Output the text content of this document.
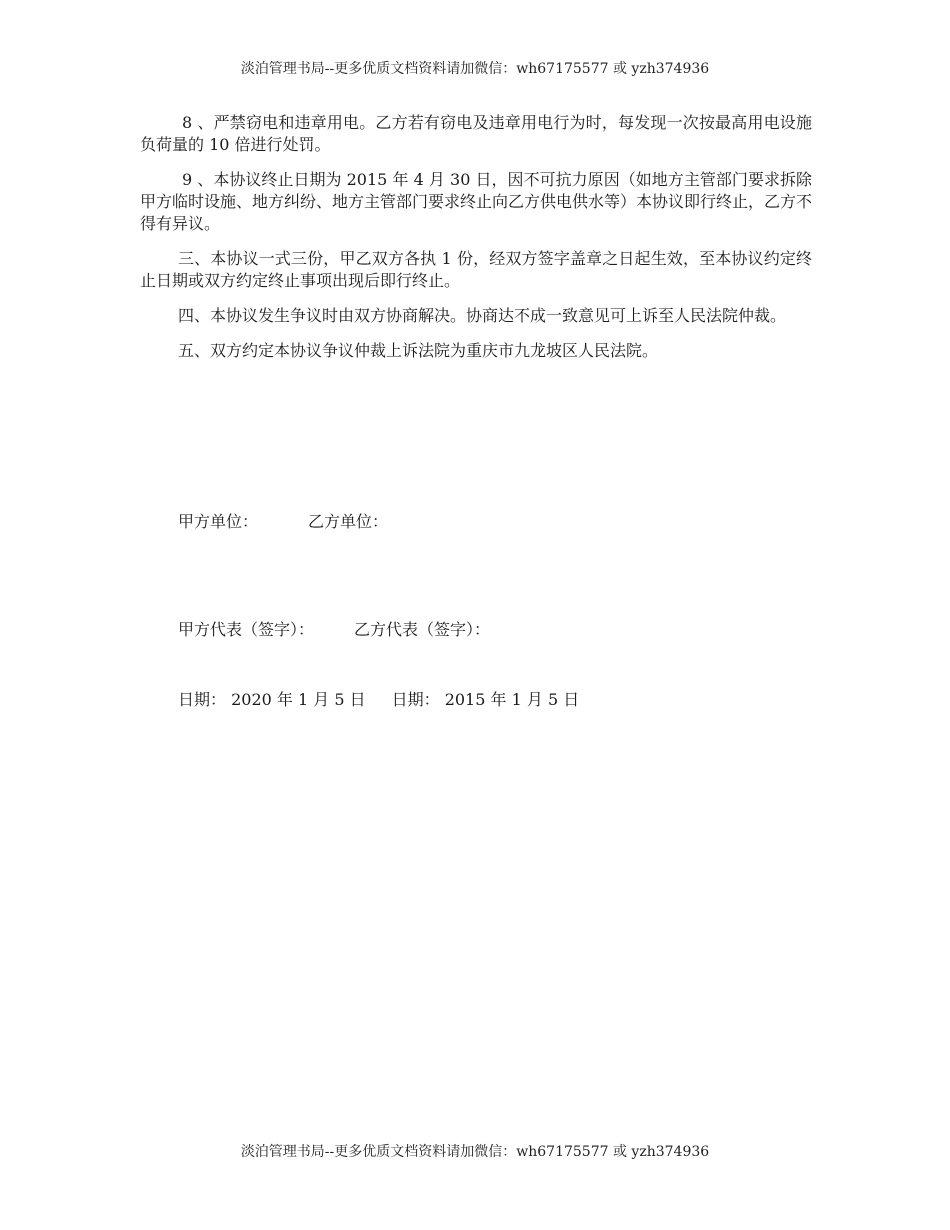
淡泊管理书局--更多优质文档资料请加微信：wh67175577 或 yzh374936

8 、严禁窃电和违章用电。乙方若有窃电及违章用电行为时，每发现一次按最高用电设施负荷量的 10 倍进行处罚。

9 、本协议终止日期为 2015 年 4 月 30 日，因不可抗力原因（如地方主管部门要求拆除甲方临时设施、地方纠纷、地方主管部门要求终止向乙方供电供水等）本协议即行终止，乙方不得有异议。

三、本协议一式三份，甲乙双方各执 1 份，经双方签字盖章之日起生效，至本协议约定终止日期或双方约定终止事项出现后即行终止。

四、本协议发生争议时由双方协商解决。协商达不成一致意见可上诉至人民法院仲裁。

五、双方约定本协议争议仲裁上诉法院为重庆市九龙坡区人民法院。

甲方单位：	乙方单位：
甲方代表（签字）：	乙方代表（签字）：
日期： 2020 年 1 月 5 日 日期： 2015 年 1 月 5 日
淡泊管理书局--更多优质文档资料请加微信：wh67175577 或 yzh374936
